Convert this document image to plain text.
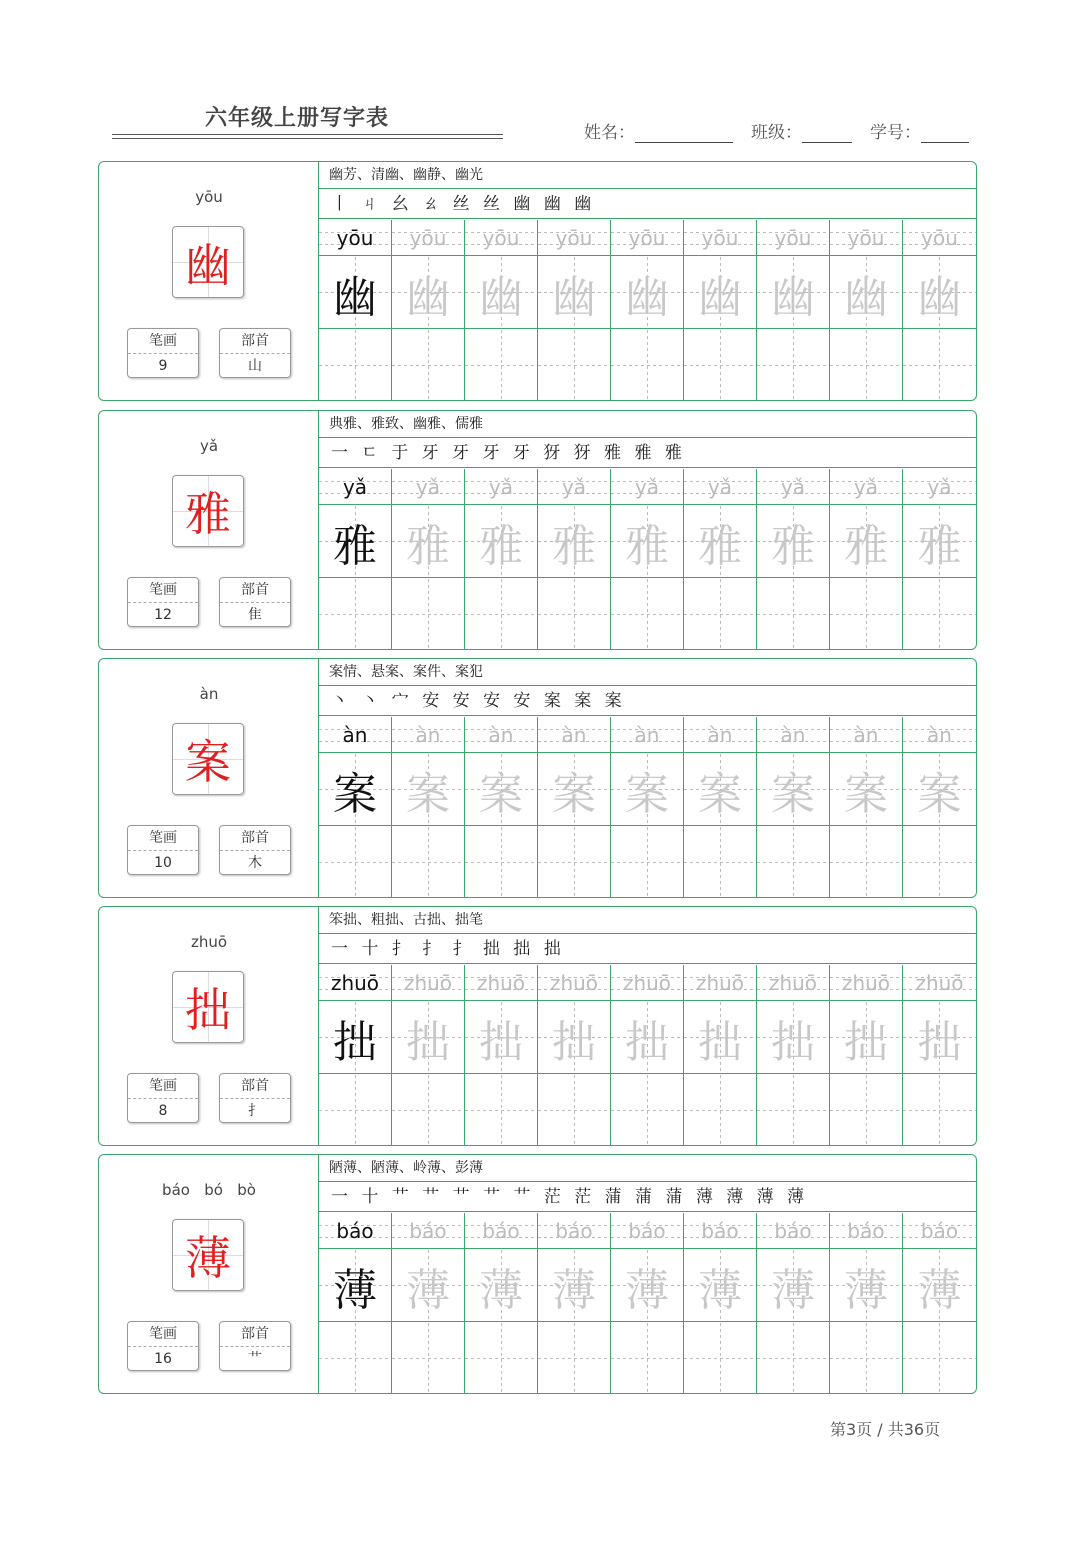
六年级上册写字表
姓名：	班级：	学号：
yōu
幽
笔画
9
部首
山
幽芳、清幽、幽静、幽光
丨 ㄐ 幺 ㄠ 丝 丝 幽 幽 幽
yōu
幽
yōu
幽
yōu
幽
yōu
幽
yōu
幽
yōu
幽
yōu
幽
yōu
幽
yōu
幽
yǎ
雅
笔画
12
部首
隹
典雅、雅致、幽雅、儒雅
一 ㄷ 于 牙 牙 牙 牙 犽 犽 雅 雅 雅
yǎ
雅
yǎ
雅
yǎ
雅
yǎ
雅
yǎ
雅
yǎ
雅
yǎ
雅
yǎ
雅
yǎ
雅
àn
案
笔画
10
部首
木
案情、悬案、案件、案犯
丶 丶 宀 安 安 安 安 案 案 案
àn
案
àn
案
àn
案
àn
案
àn
案
àn
案
àn
案
àn
案
àn
案
zhuō
拙
笔画
8
部首
扌
笨拙、粗拙、古拙、拙笔
一 十 扌 扌 扌 拙 拙 拙
zhuō
拙
zhuō
拙
zhuō
拙
zhuō
拙
zhuō
拙
zhuō
拙
zhuō
拙
zhuō
拙
zhuō
拙
báo   bó   bò
薄
笔画
16
部首
艹
陋薄、陋薄、岭薄、彭薄
一 十 艹 艹 艹 艹 艹 茫 茫 蒲 蒲 蒲 薄 薄 薄 薄
báo
薄
báo
薄
báo
薄
báo
薄
báo
薄
báo
薄
báo
薄
báo
薄
báo
薄
第3页 / 共36页
